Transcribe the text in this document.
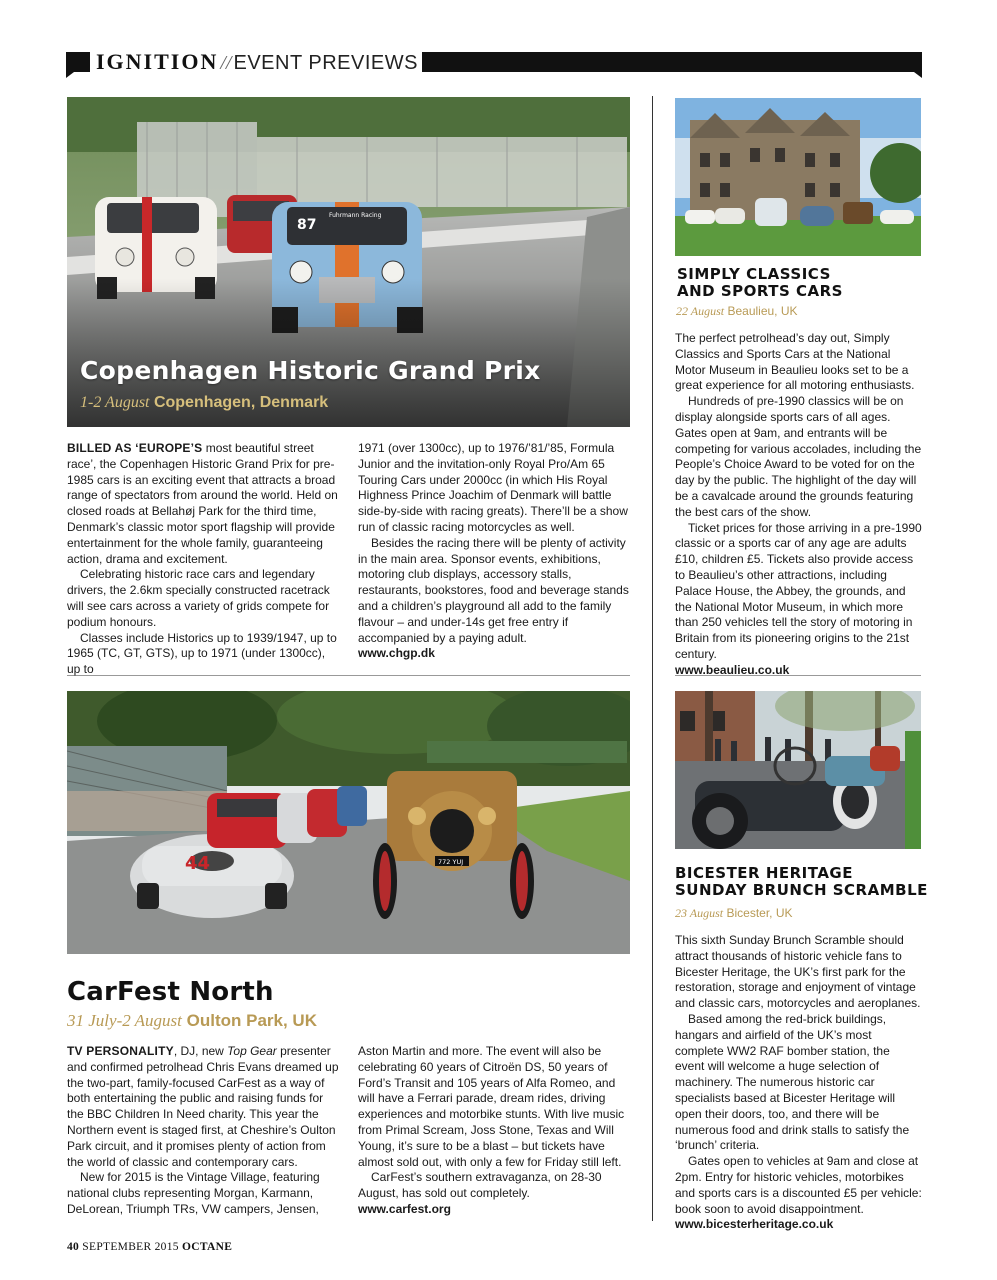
IGNITION // EVENT PREVIEWS
Copenhagen Historic Grand Prix
1-2 August Copenhagen, Denmark

BILLED AS ‘EUROPE’S most beautiful street race’, the Copenhagen Historic Grand Prix for pre-1985 cars is an exciting event that attracts a broad range of spectators from around the world. Held on closed roads at Bellahøj Park for the third time, Denmark’s classic motor sport flagship will provide entertainment for the whole family, guaranteeing action, drama and excitement.

Celebrating historic race cars and legendary drivers, the 2.6km specially constructed racetrack will see cars across a variety of grids compete for podium honours.

Classes include Historics up to 1939/1947, up to 1965 (TC, GT, GTS), up to 1971 (under 1300cc), up to

1971 (over 1300cc), up to 1976/’81/’85, Formula Junior and the invitation-only Royal Pro/Am 65 Touring Cars under 2000cc (in which His Royal Highness Prince Joachim of Denmark will battle side-by-side with racing greats). There’ll be a show run of classic racing motorcycles as well.

Besides the racing there will be plenty of activity in the main area. Sponsor events, exhibitions, motoring club displays, accessory stalls, restaurants, bookstores, food and beverage stands and a children’s playground all add to the family flavour – and under-14s get free entry if accompanied by a paying adult.

www.chgp.dk

SIMPLY CLASSICS
AND SPORTS CARS
22 August Beaulieu, UK

The perfect petrolhead’s day out, Simply Classics and Sports Cars at the National Motor Museum in Beaulieu looks set to be a great experience for all motoring enthusiasts.

Hundreds of pre-1990 classics will be on display alongside sports cars of all ages. Gates open at 9am, and entrants will be competing for various accolades, including the People’s Choice Award to be voted for on the day by the public. The highlight of the day will be a cavalcade around the grounds featuring the best cars of the show.

Ticket prices for those arriving in a pre-1990 classic or a sports car of any age are adults £10, children £5. Tickets also provide access to Beaulieu’s other attractions, including Palace House, the Abbey, the grounds, and the National Motor Museum, in which more than 250 vehicles tell the story of motoring in Britain from its pioneering origins to the 21st century.

www.beaulieu.co.uk

44	772 YUJ
CarFest North
31 July-2 August Oulton Park, UK

TV PERSONALITY, DJ, new Top Gear presenter and confirmed petrolhead Chris Evans dreamed up the two-part, family-focused CarFest as a way of both entertaining the public and raising funds for the BBC Children In Need charity. This year the Northern event is staged first, at Cheshire’s Oulton Park circuit, and it promises plenty of action from the world of classic and contemporary cars.

New for 2015 is the Vintage Village, featuring national clubs representing Morgan, Karmann, DeLorean, Triumph TRs, VW campers, Jensen,

Aston Martin and more. The event will also be celebrating 60 years of Citroën DS, 50 years of Ford’s Transit and 105 years of Alfa Romeo, and will have a Ferrari parade, dream rides, driving experiences and motorbike stunts. With live music from Primal Scream, Joss Stone, Texas and Will Young, it’s sure to be a blast – but tickets have almost sold out, with only a few for Friday still left.

CarFest’s southern extravaganza, on 28-30 August, has sold out completely.

www.carfest.org

BICESTER HERITAGE
SUNDAY BRUNCH SCRAMBLE
23 August Bicester, UK

This sixth Sunday Brunch Scramble should attract thousands of historic vehicle fans to Bicester Heritage, the UK’s first park for the restoration, storage and enjoyment of vintage and classic cars, motorcycles and aeroplanes.

Based among the red-brick buildings, hangars and airfield of the UK’s most complete WW2 RAF bomber station, the event will welcome a huge selection of machinery. The numerous historic car specialists based at Bicester Heritage will open their doors, too, and there will be numerous food and drink stalls to satisfy the ‘brunch’ criteria.

Gates open to vehicles at 9am and close at 2pm. Entry for historic vehicles, motorbikes and sports cars is a discounted £5 per vehicle: book soon to avoid disappointment.

www.bicesterheritage.co.uk

40 SEPTEMBER 2015 OCTANE
